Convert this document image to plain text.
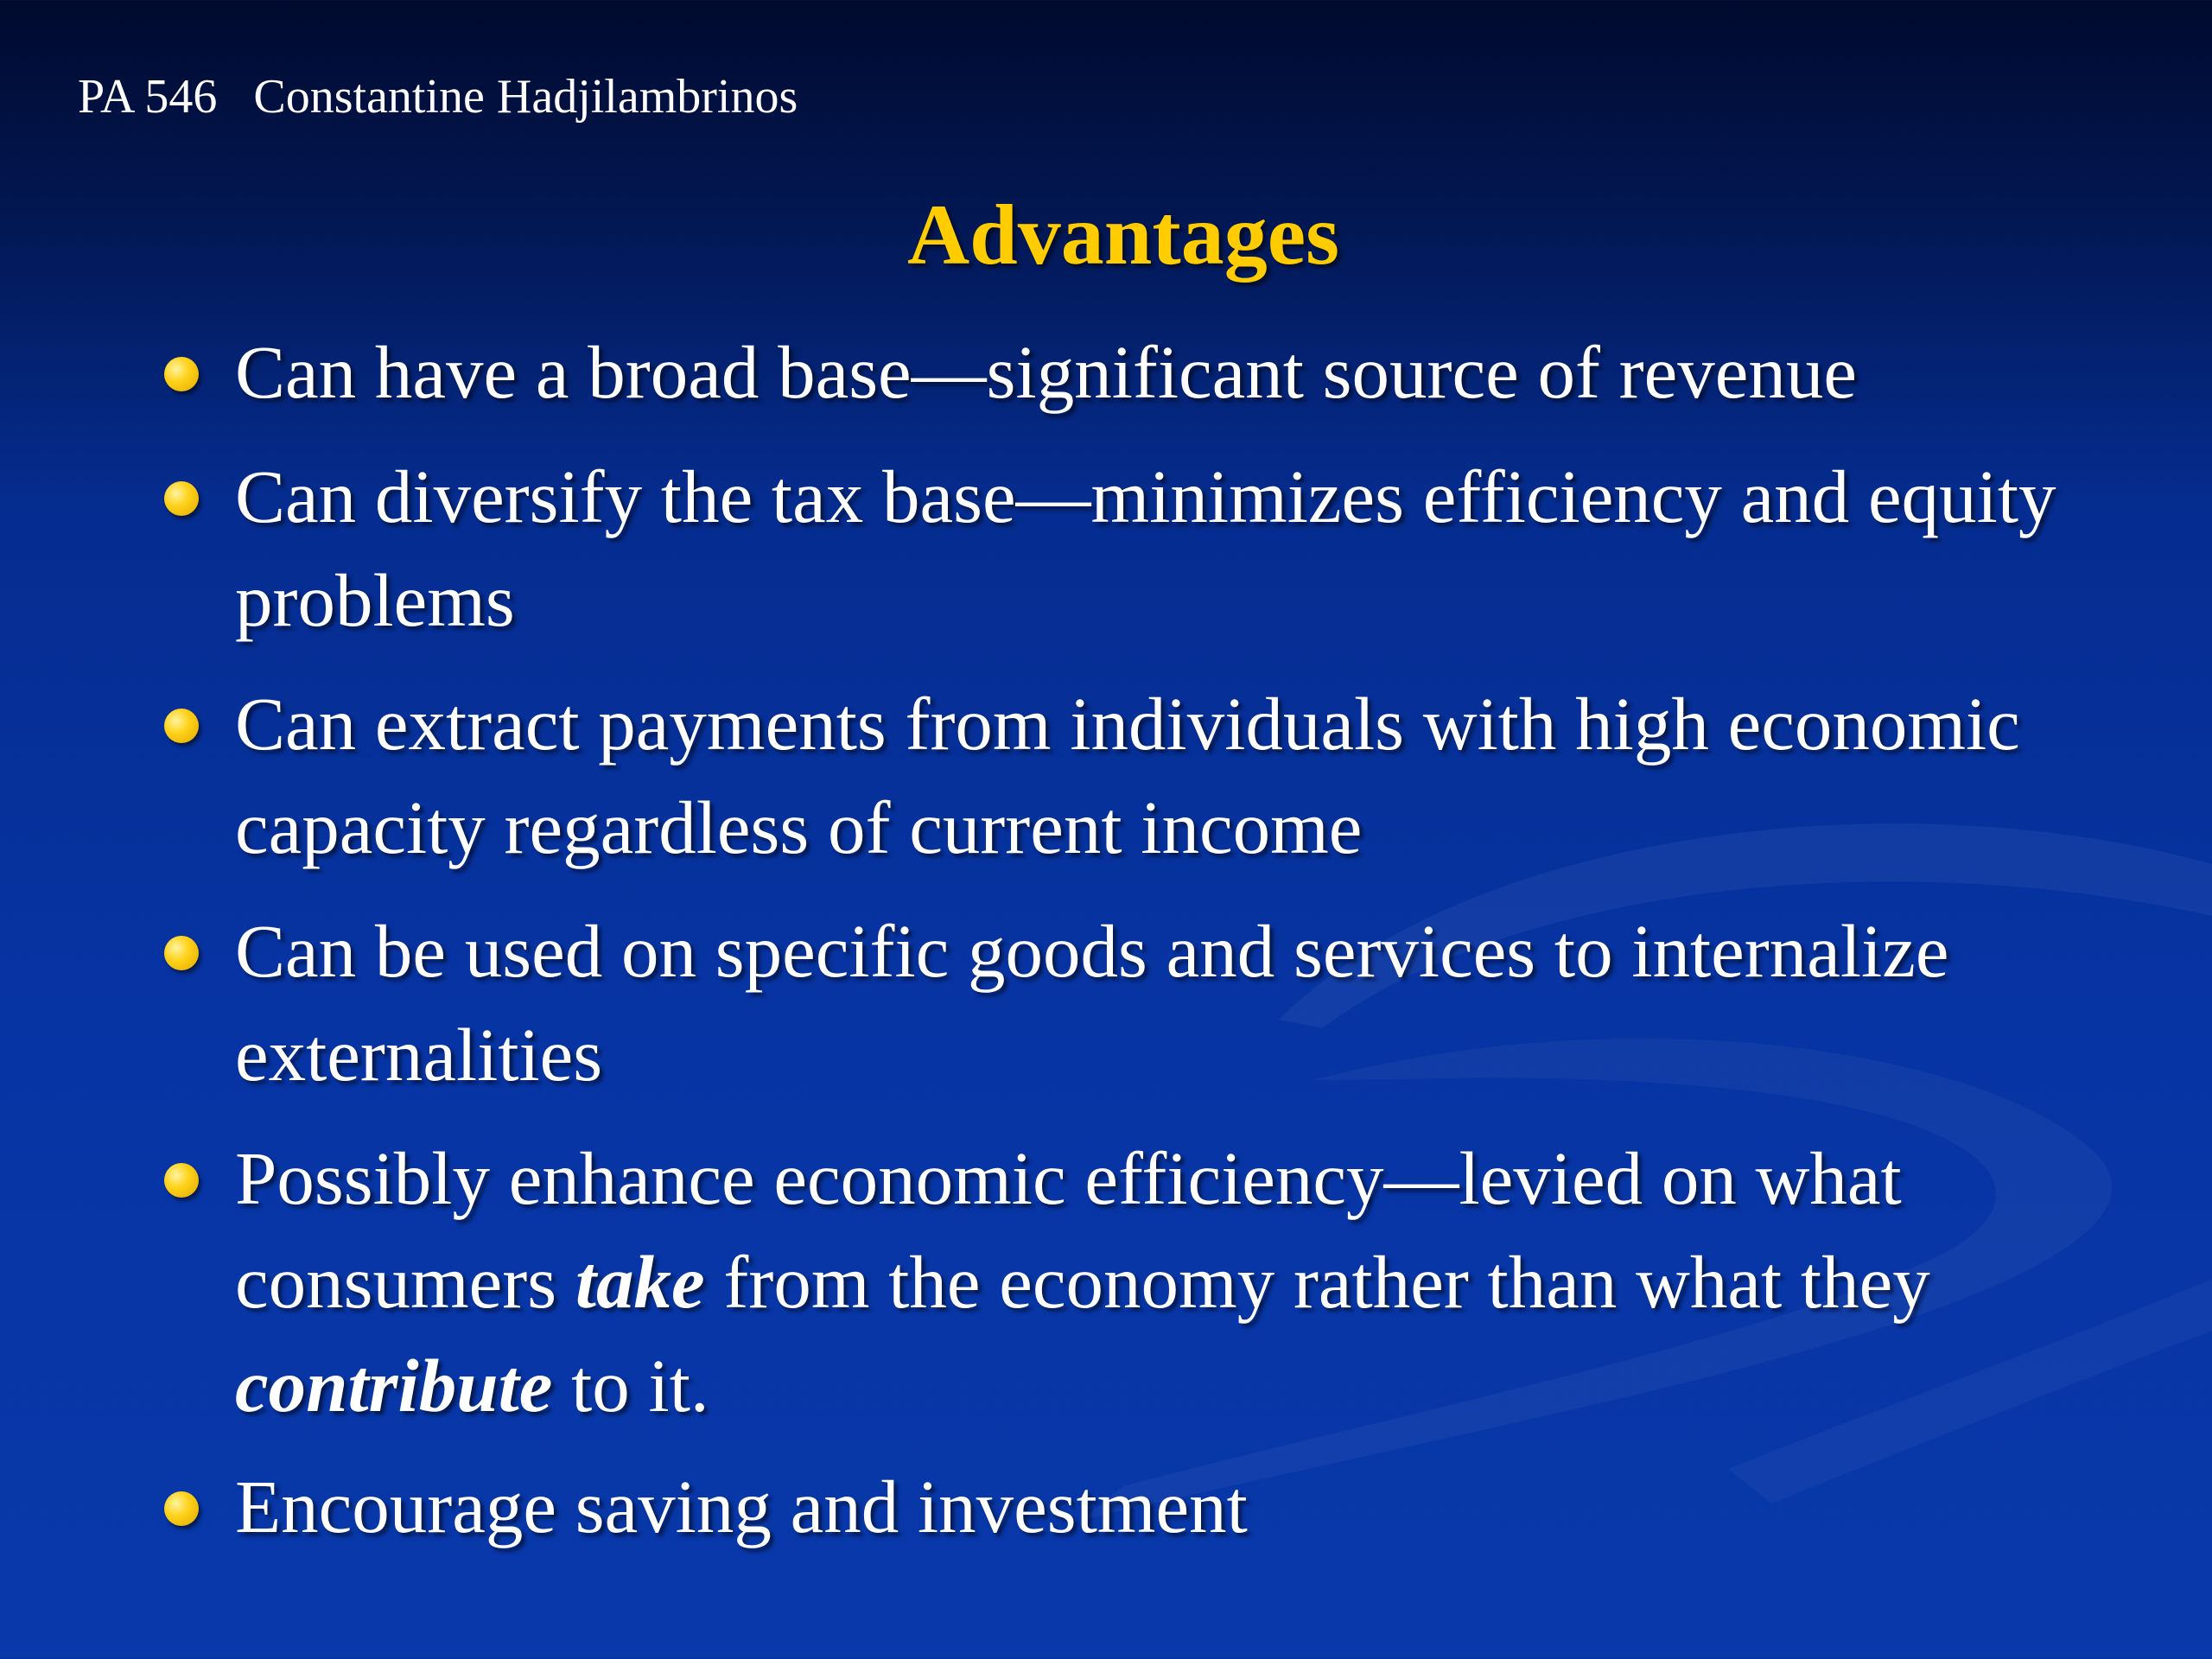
PA 546 Constantine Hadjilambrinos
Advantages
Can have a broad base—significant source of revenue
Can diversify the tax base—minimizes efficiency and equity problems
Can extract payments from individuals with high economic capacity regardless of current income
Can be used on specific goods and services to internalize externalities
Possibly enhance economic efficiency—levied on what consumers take from the economy rather than what they contribute to it.
Encourage saving and investment
